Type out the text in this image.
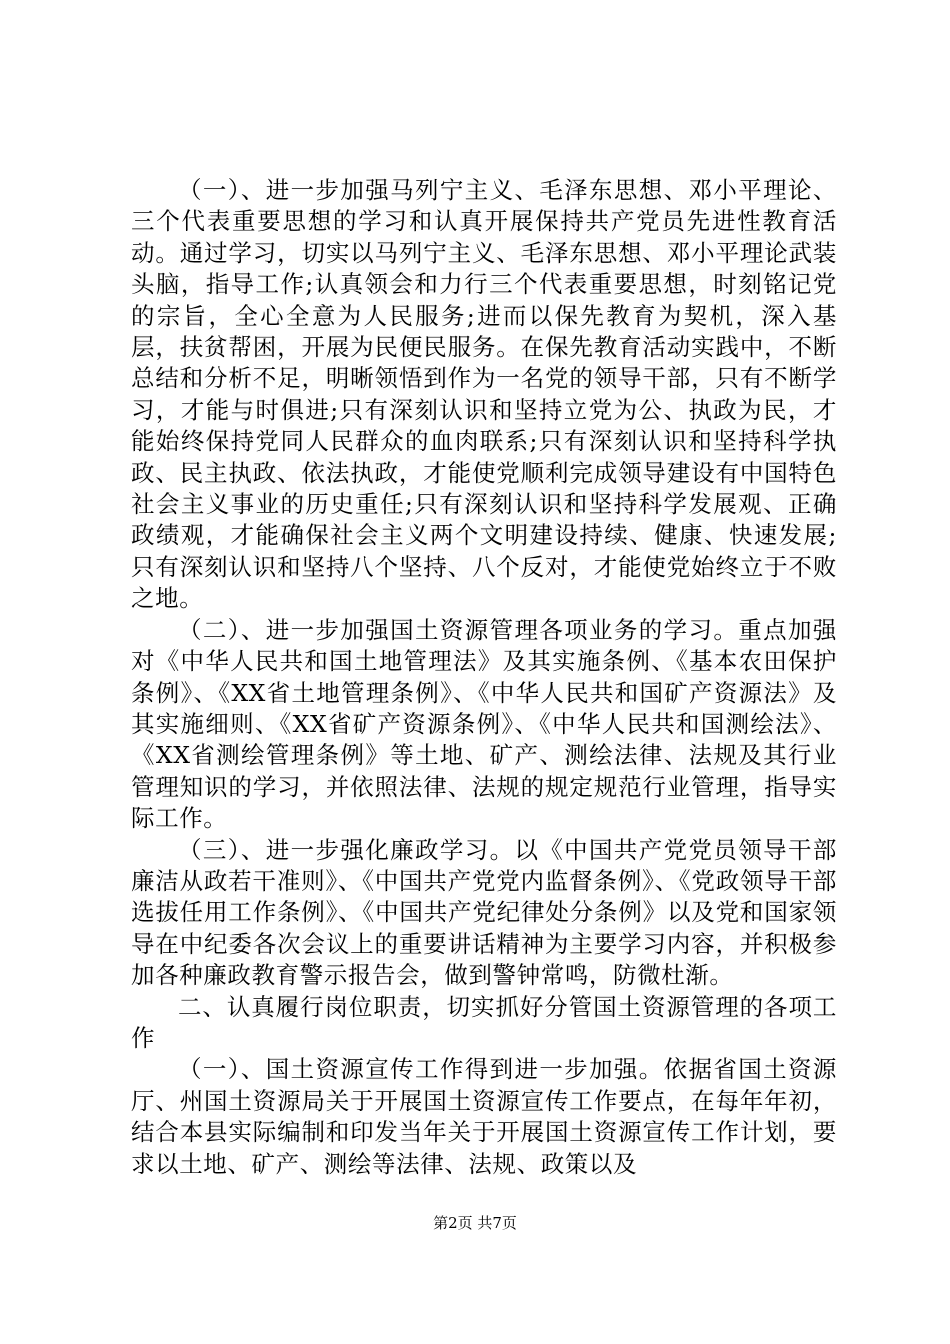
（一）、进一步加强马列宁主义、毛泽东思想、邓小平理论、三个代表重要思想的学习和认真开展保持共产党员先进性教育活动。通过学习，切实以马列宁主义、毛泽东思想、邓小平理论武装头脑，指导工作;认真领会和力行三个代表重要思想，时刻铭记党的宗旨，全心全意为人民服务;进而以保先教育为契机，深入基层，扶贫帮困，开展为民便民服务。在保先教育活动实践中，不断总结和分析不足，明晰领悟到作为一名党的领导干部，只有不断学习，才能与时俱进;只有深刻认识和坚持立党为公、执政为民，才能始终保持党同人民群众的血肉联系;只有深刻认识和坚持科学执政、民主执政、依法执政，才能使党顺利完成领导建设有中国特色社会主义事业的历史重任;只有深刻认识和坚持科学发展观、正确政绩观，才能确保社会主义两个文明建设持续、健康、快速发展;只有深刻认识和坚持八个坚持、八个反对，才能使党始终立于不败之地。

（二）、进一步加强国土资源管理各项业务的学习。重点加强对《中华人民共和国土地管理法》及其实施条例、《基本农田保护条例》、《XX省土地管理条例》、《中华人民共和国矿产资源法》及其实施细则、《XX省矿产资源条例》、《中华人民共和国测绘法》、《XX省测绘管理条例》等土地、矿产、测绘法律、法规及其行业管理知识的学习，并依照法律、法规的规定规范行业管理，指导实际工作。

（三）、进一步强化廉政学习。以《中国共产党党员领导干部廉洁从政若干准则》、《中国共产党党内监督条例》、《党政领导干部选拔任用工作条例》、《中国共产党纪律处分条例》以及党和国家领导在中纪委各次会议上的重要讲话精神为主要学习内容，并积极参加各种廉政教育警示报告会，做到警钟常鸣，防微杜渐。

二、认真履行岗位职责，切实抓好分管国土资源管理的各项工作

（一）、国土资源宣传工作得到进一步加强。依据省国土资源厅、州国土资源局关于开展国土资源宣传工作要点，在每年年初，结合本县实际编制和印发当年关于开展国土资源宣传工作计划，要求以土地、矿产、测绘等法律、法规、政策以及

第2页 共7页
